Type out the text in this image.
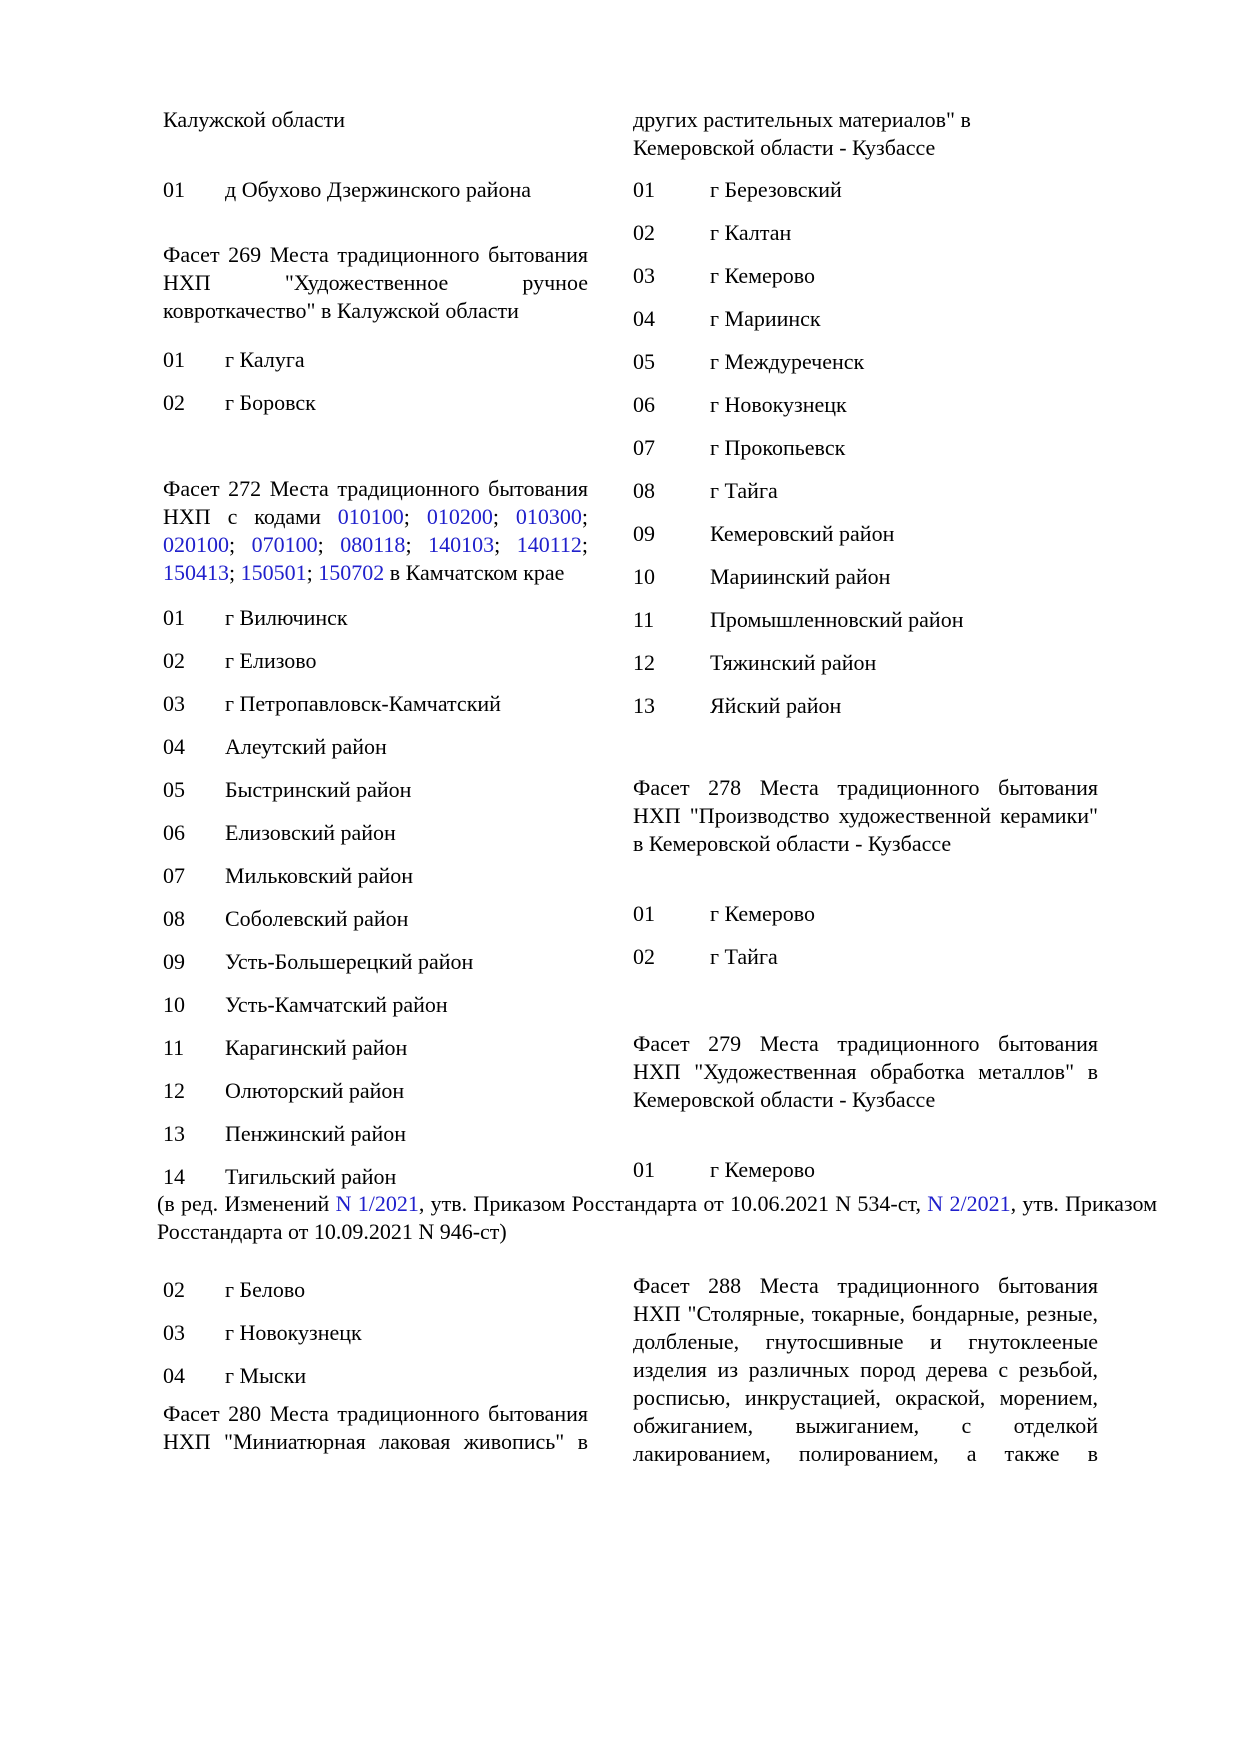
Калужской области
01 д Обухово Дзержинского района
Фасет 269 Места традиционного бытования НХП "Художественное ручное ковроткачество" в Калужской области
01 г Калуга
02 г Боровск
Фасет 272 Места традиционного бытования НХП с кодами 010100; 010200; 010300; 020100; 070100; 080118; 140103; 140112; 150413; 150501; 150702 в Камчатском крае
01 г Вилючинск
02 г Елизово
03 г Петропавловск-Камчатский
04 Алеутский район
05 Быстринский район
06 Елизовский район
07 Мильковский район
08 Соболевский район
09 Усть-Большерецкий район
10 Усть-Камчатский район
11 Карагинский район
12 Олюторский район
13 Пенжинский район
14 Тигильский район
других растительных материалов" в Кемеровской области - Кузбассе
01	г Березовский
02	г Калтан
03	г Кемерово
04	г Мариинск
05	г Междуреченск
06	г Новокузнецк
07	г Прокопьевск
08	г Тайга
09	Кемеровский район
10	Мариинский район
11	Промышленновский район
12	Тяжинский район
13	Яйский район
Фасет 278 Места традиционного бытования НХП "Производство художественной керамики" в Кемеровской области - Кузбассе
01	г Кемерово
02	г Тайга
Фасет 279 Места традиционного бытования НХП "Художественная обработка металлов" в Кемеровской области - Кузбассе
01	г Кемерово
(в ред. Изменений N 1/2021, утв. Приказом Росстандарта от 10.06.2021 N 534-ст, N 2/2021, утв. Приказом Росстандарта от 10.09.2021 N 946-ст)
02 г Белово
03 г Новокузнецк
04 г Мыски
Фасет 280 Места традиционного бытования НХП "Миниатюрная лаковая живопись" в
Фасет 288 Места традиционного бытования НХП "Столярные, токарные, бондарные, резные, долбленые, гнутосшивные и гнутоклееные изделия из различных пород дерева с резьбой, росписью, инкрустацией, окраской, морением, обжиганием, выжиганием, с отделкой лакированием, полированием, а также в
